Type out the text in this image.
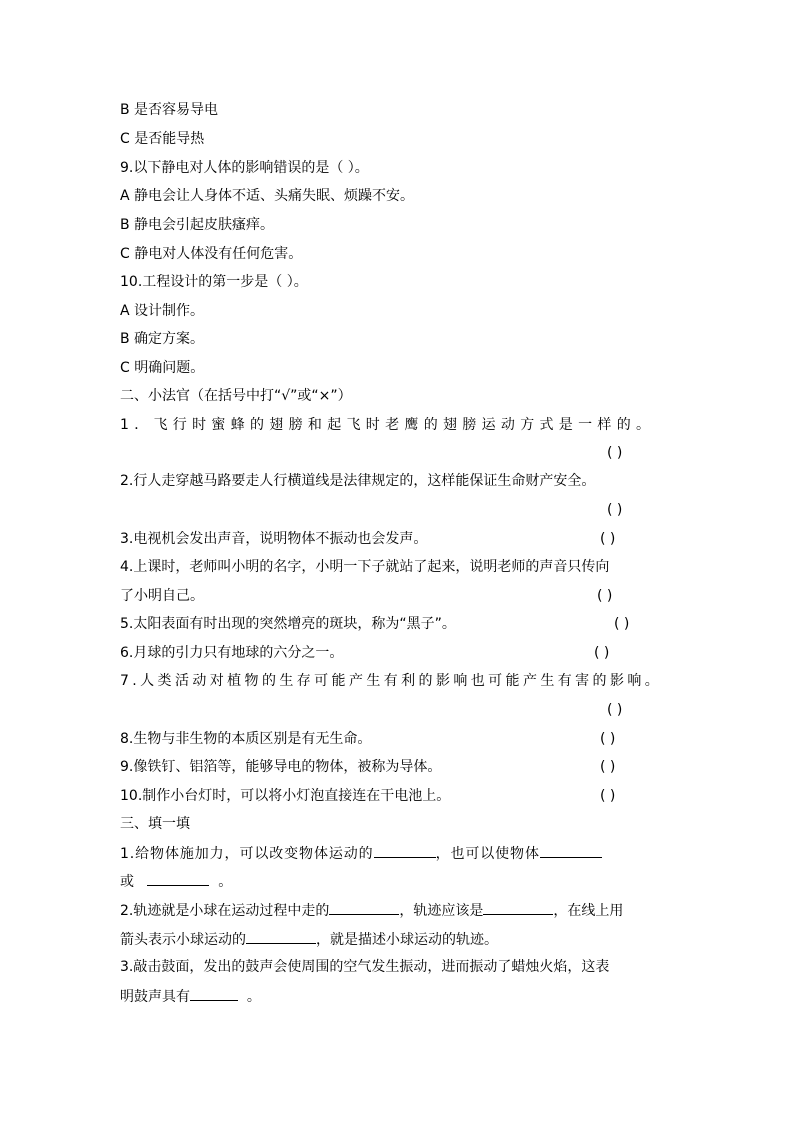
B 是否容易导电
C 是否能导热
9.以下静电对人体的影响错误的是（ ）。
A 静电会让人身体不适、头痛失眠、烦躁不安。
B 静电会引起皮肤瘙痒。
C 静电对人体没有任何危害。
10.工程设计的第一步是（ ）。
A 设计制作。
B 确定方案。
C 明确问题。
二、小法官（在括号中打“√”或“×”）
1．飞行时蜜蜂的翅膀和起飞时老鹰的翅膀运动方式是一样的。
( )
2.行人走穿越马路要走人行横道线是法律规定的，这样能保证生命财产安全。
( )
3.电视机会发出声音，说明物体不振动也会发声。	( )
4.上课时，老师叫小明的名字，小明一下子就站了起来，说明老师的声音只传向
了小明自己。	( )
5.太阳表面有时出现的突然增亮的斑块，称为“黑子”。	( )
6.月球的引力只有地球的六分之一。	( )
7.人类活动对植物的生存可能产生有利的影响也可能产生有害的影响。
( )
8.生物与非生物的本质区别是有无生命。	( )
9.像铁钉、铝箔等，能够导电的物体，被称为导体。	( )
10.制作小台灯时，可以将小灯泡直接连在干电池上。	( )
三、填一填
1.给物体施加力，可以改变物体运动的	，也可以使物体
或	。
2.轨迹就是小球在运动过程中走的	，轨迹应该是	，在线上用
箭头表示小球运动的	，就是描述小球运动的轨迹。
3.敲击鼓面，发出的鼓声会使周围的空气发生振动，进而振动了蜡烛火焰，这表
明鼓声具有	。
